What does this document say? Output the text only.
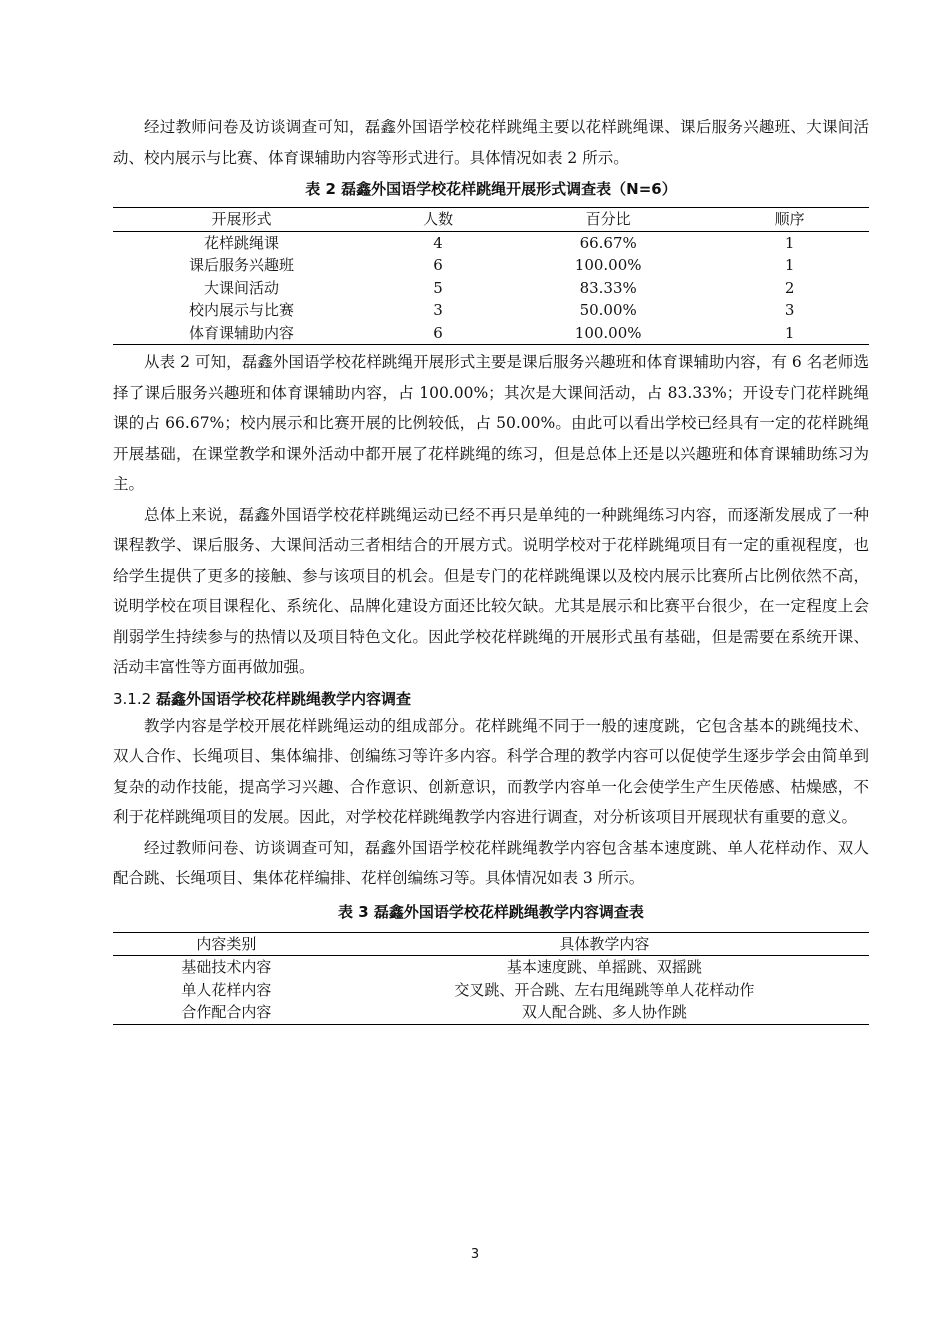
经过教师问卷及访谈调查可知，磊鑫外国语学校花样跳绳主要以花样跳绳课、课后服务兴趣班、大课间活动、校内展示与比赛、体育课辅助内容等形式进行。具体情况如表 2 所示。

表 2 磊鑫外国语学校花样跳绳开展形式调查表（N=6）
开展形式	人数	百分比	顺序
花样跳绳课	4	66.67%	1
课后服务兴趣班	6	100.00%	1
大课间活动	5	83.33%	2
校内展示与比赛	3	50.00%	3
体育课辅助内容	6	100.00%	1

从表 2 可知，磊鑫外国语学校花样跳绳开展形式主要是课后服务兴趣班和体育课辅助内容，有 6 名老师选择了课后服务兴趣班和体育课辅助内容，占 100.00%；其次是大课间活动，占 83.33%；开设专门花样跳绳课的占 66.67%；校内展示和比赛开展的比例较低，占 50.00%。由此可以看出学校已经具有一定的花样跳绳开展基础，在课堂教学和课外活动中都开展了花样跳绳的练习，但是总体上还是以兴趣班和体育课辅助练习为主。

总体上来说，磊鑫外国语学校花样跳绳运动已经不再只是单纯的一种跳绳练习内容，而逐渐发展成了一种课程教学、课后服务、大课间活动三者相结合的开展方式。说明学校对于花样跳绳项目有一定的重视程度，也给学生提供了更多的接触、参与该项目的机会。但是专门的花样跳绳课以及校内展示比赛所占比例依然不高，说明学校在项目课程化、系统化、品牌化建设方面还比较欠缺。尤其是展示和比赛平台很少，在一定程度上会削弱学生持续参与的热情以及项目特色文化。因此学校花样跳绳的开展形式虽有基础，但是需要在系统开课、活动丰富性等方面再做加强。

3.1.2 磊鑫外国语学校花样跳绳教学内容调查

教学内容是学校开展花样跳绳运动的组成部分。花样跳绳不同于一般的速度跳，它包含基本的跳绳技术、双人合作、长绳项目、集体编排、创编练习等许多内容。科学合理的教学内容可以促使学生逐步学会由简单到复杂的动作技能，提高学习兴趣、合作意识、创新意识，而教学内容单一化会使学生产生厌倦感、枯燥感，不利于花样跳绳项目的发展。因此，对学校花样跳绳教学内容进行调查，对分析该项目开展现状有重要的意义。

经过教师问卷、访谈调查可知，磊鑫外国语学校花样跳绳教学内容包含基本速度跳、单人花样动作、双人配合跳、长绳项目、集体花样编排、花样创编练习等。具体情况如表 3 所示。

表 3 磊鑫外国语学校花样跳绳教学内容调查表
内容类别	具体教学内容
基础技术内容	基本速度跳、单摇跳、双摇跳
单人花样内容	交叉跳、开合跳、左右甩绳跳等单人花样动作
合作配合内容	双人配合跳、多人协作跳
3
